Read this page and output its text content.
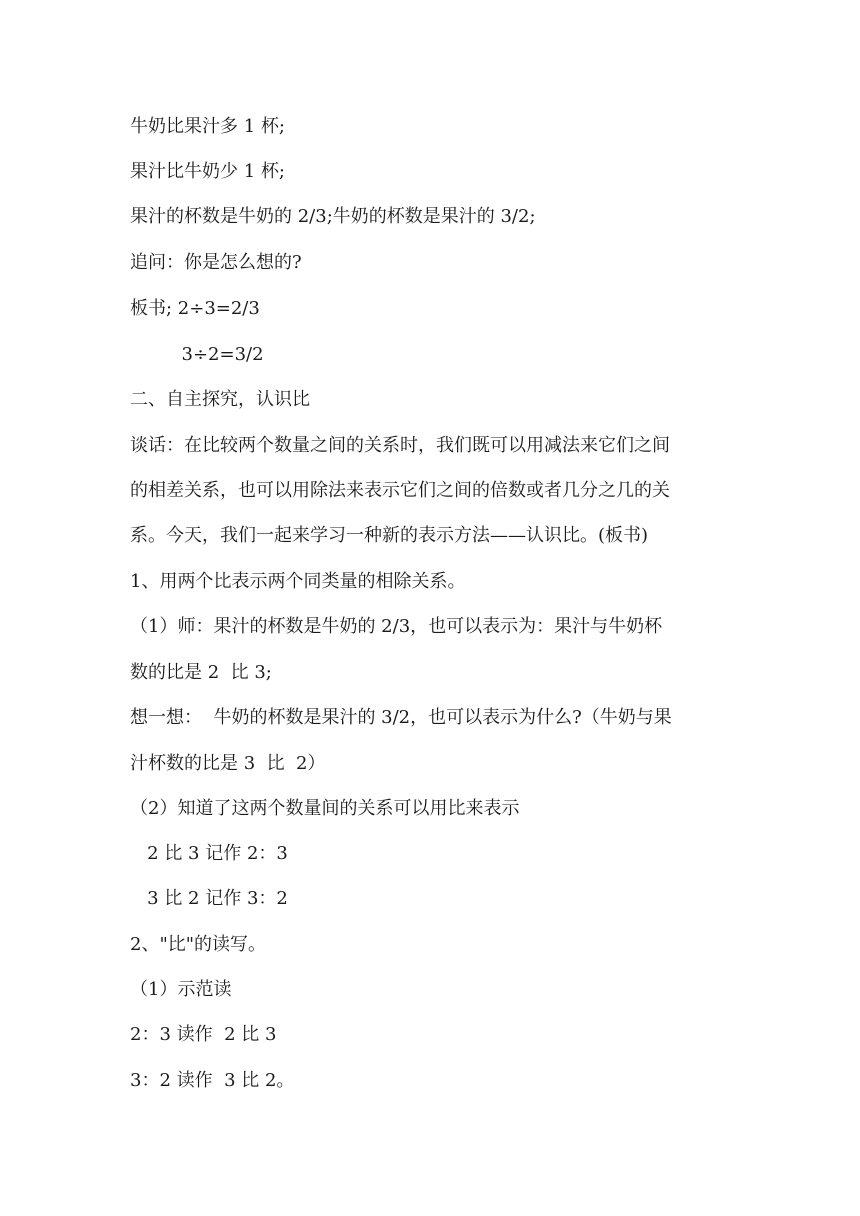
牛奶比果汁多 1 杯;
果汁比牛奶少 1 杯;
果汁的杯数是牛奶的 2/3;牛奶的杯数是果汁的 3/2;
追问：你是怎么想的?
板书; 2÷3=2/3
3÷2=3/2
二、自主探究，认识比
谈话：在比较两个数量之间的关系时，我们既可以用减法来它们之间
的相差关系，也可以用除法来表示它们之间的倍数或者几分之几的关
系。今天，我们一起来学习一种新的表示方法——认识比。(板书)
1、用两个比表示两个同类量的相除关系。
（1）师：果汁的杯数是牛奶的 2/3，也可以表示为：果汁与牛奶杯
数的比是 2  比 3;
想一想：  牛奶的杯数是果汁的 3/2，也可以表示为什么?（牛奶与果
汁杯数的比是 3  比  2）
（2）知道了这两个数量间的关系可以用比来表示
2 比 3 记作 2：3
3 比 2 记作 3：2
2、"比"的读写。
（1）示范读
2：3 读作  2 比 3
3：2 读作  3 比 2。
